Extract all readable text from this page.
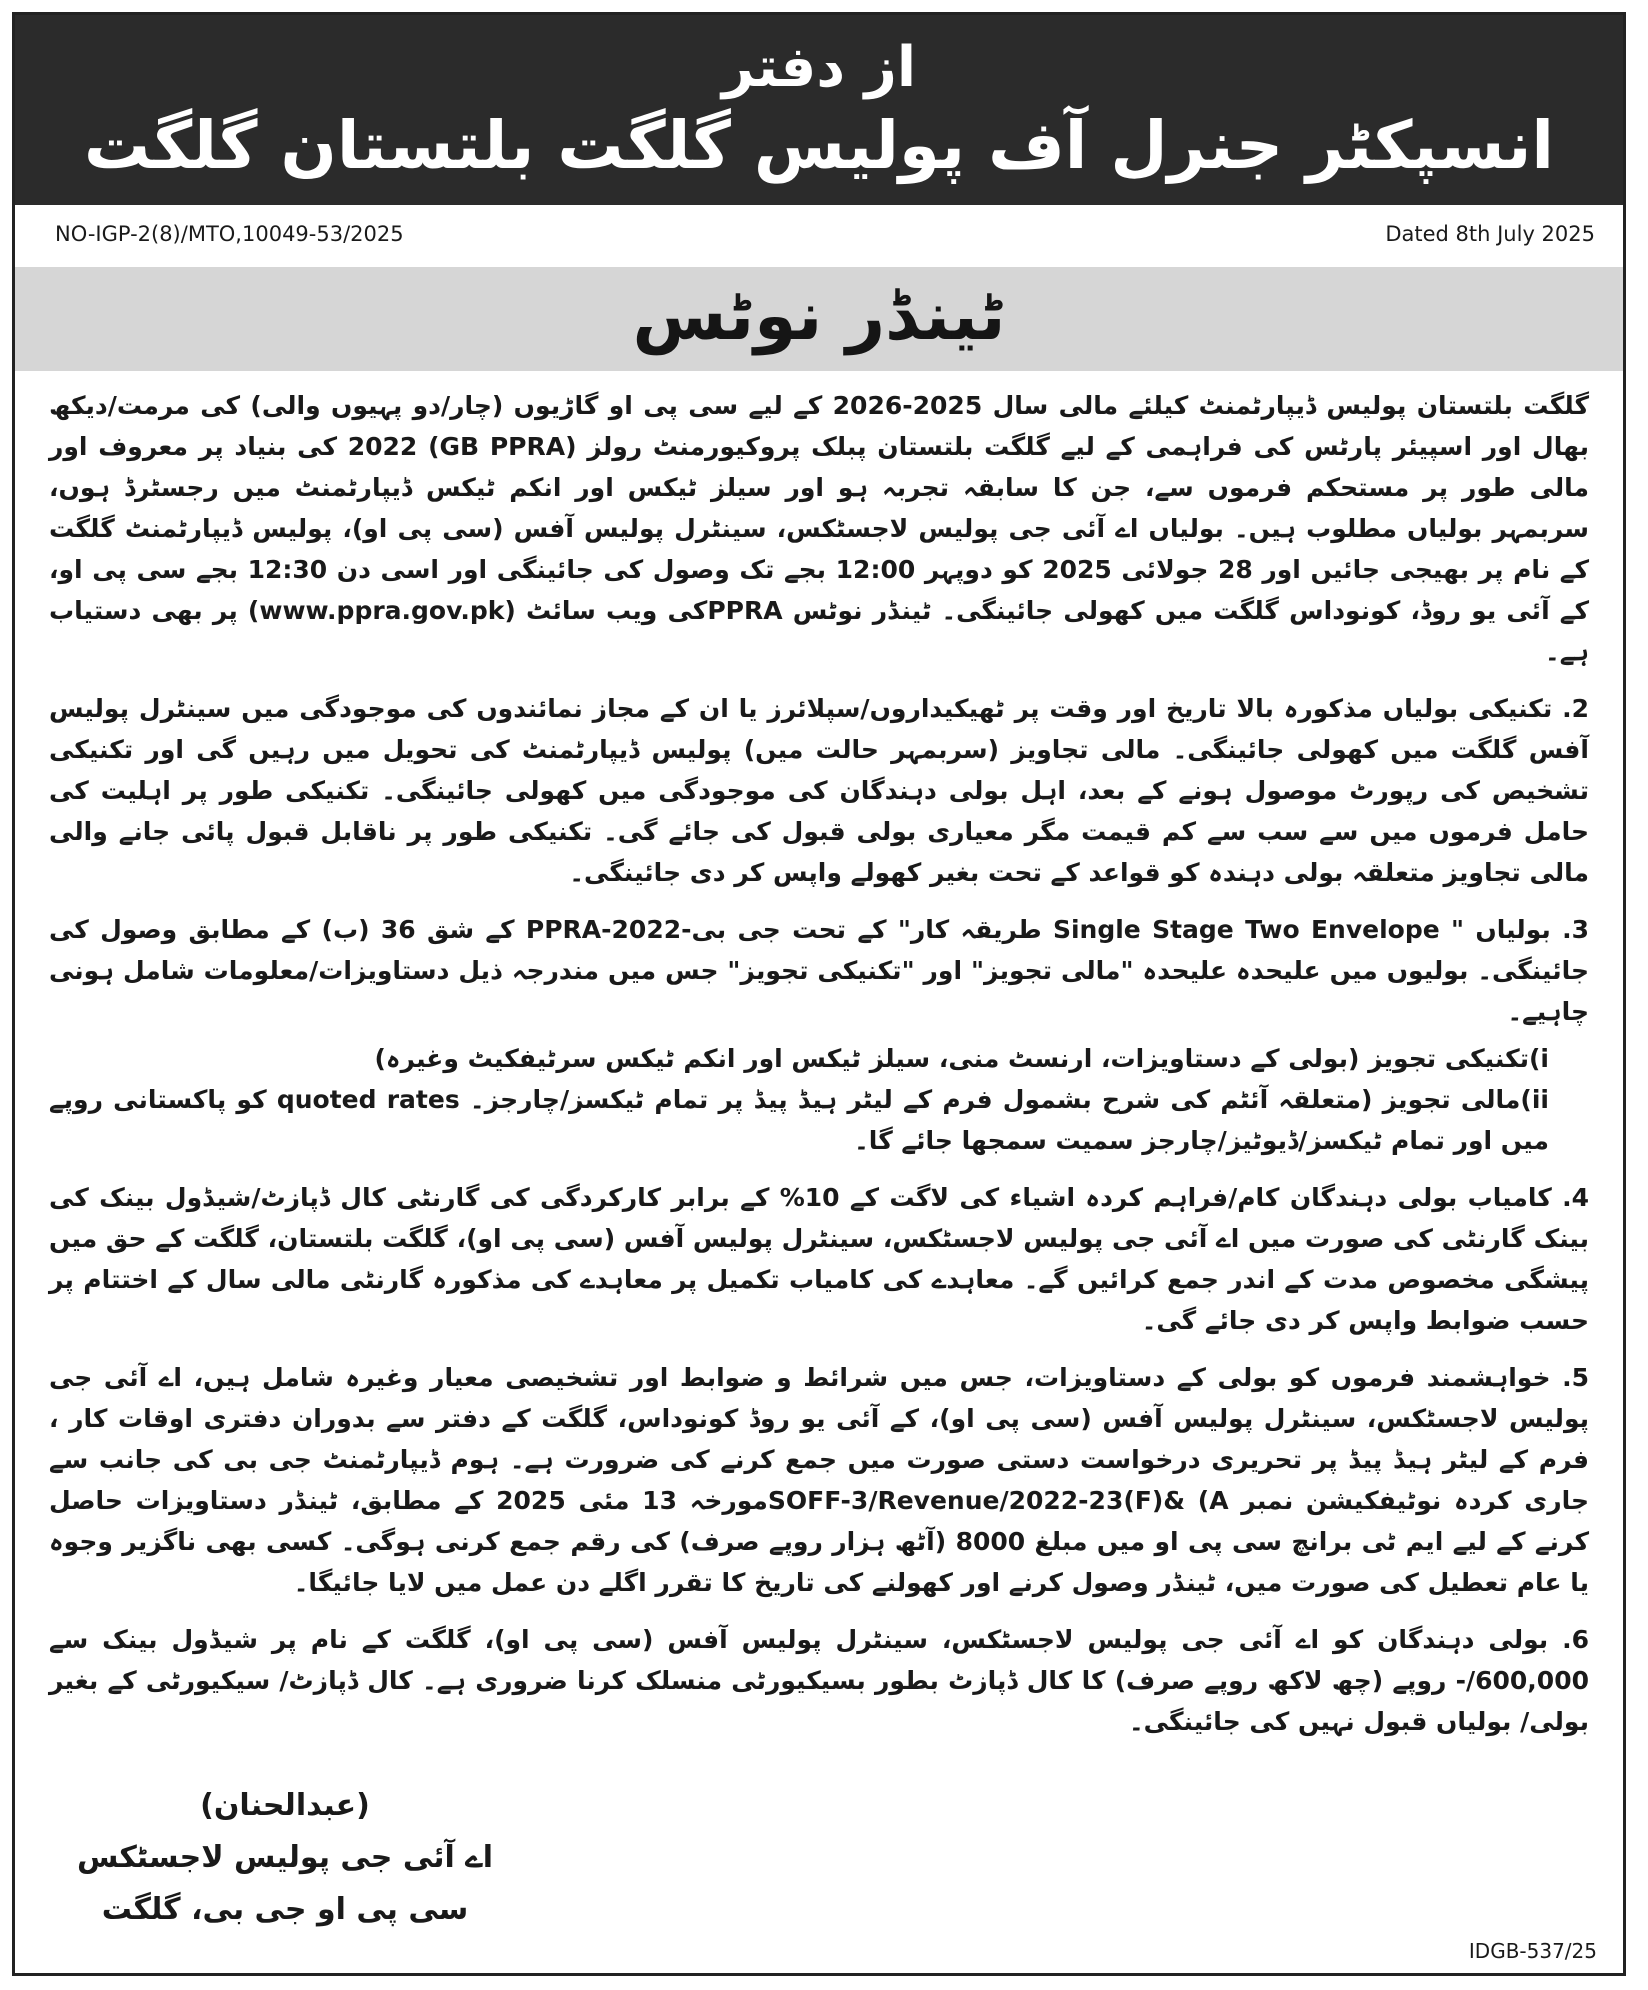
از دفتر
انسپکٹر جنرل آف پولیس گلگت بلتستان گلگت
NO-IGP-2(8)/MTO,10049-53/2025	Dated 8th July 2025
ٹینڈر نوٹس

گلگت بلتستان پولیس ڈیپارٹمنٹ کیلئے مالی سال 2025-2026 کے لیے سی پی او گاڑیوں (چار/دو پہیوں والی) کی مرمت/دیکھ بھال اور اسپیئر پارٹس کی فراہمی کے لیے گلگت بلتستان پبلک پروکیورمنٹ رولز (GB PPRA) 2022 کی بنیاد پر معروف اور مالی طور پر مستحکم فرموں سے، جن کا سابقہ تجربہ ہو اور سیلز ٹیکس اور انکم ٹیکس ڈیپارٹمنٹ میں رجسٹرڈ ہوں، سربمہر بولیاں مطلوب ہیں۔ بولیاں اے آئی جی پولیس لاجسٹکس، سینٹرل پولیس آفس (سی پی او)، پولیس ڈیپارٹمنٹ گلگت کے نام پر بھیجی جائیں اور 28 جولائی 2025 کو دوپہر 12:00 بجے تک وصول کی جائینگی اور اسی دن 12:30 بجے سی پی او، کے آئی یو روڈ، کونوداس گلگت میں کھولی جائینگی۔ ٹینڈر نوٹس PPRAکی ویب سائٹ (www.ppra.gov.pk) پر بھی دستیاب ہے۔

2. تکنیکی بولیاں مذکورہ بالا تاریخ اور وقت پر ٹھیکیداروں/سپلائرز یا ان کے مجاز نمائندوں کی موجودگی میں سینٹرل پولیس آفس گلگت میں کھولی جائینگی۔ مالی تجاویز (سربمہر حالت میں) پولیس ڈیپارٹمنٹ کی تحویل میں رہیں گی اور تکنیکی تشخیص کی رپورٹ موصول ہونے کے بعد، اہل بولی دہندگان کی موجودگی میں کھولی جائینگی۔ تکنیکی طور پر اہلیت کی حامل فرموں میں سے سب سے کم قیمت مگر معیاری بولی قبول کی جائے گی۔ تکنیکی طور پر ناقابل قبول پائی جانے والی مالی تجاویز متعلقہ بولی دہندہ کو قواعد کے تحت بغیر کھولے واپس کر دی جائینگی۔

3. بولیاں " Single Stage Two Envelope طریقہ کار" کے تحت جی بی-PPRA-2022 کے شق 36 (ب) کے مطابق وصول کی جائینگی۔ بولیوں میں علیحدہ علیحدہ "مالی تجویز" اور "تکنیکی تجویز" جس میں مندرجہ ذیل دستاویزات/معلومات شامل ہونی چاہیے۔

i)تکنیکی تجویز (بولی کے دستاویزات، ارنسٹ منی، سیلز ٹیکس اور انکم ٹیکس سرٹیفکیٹ وغیرہ)

ii)مالی تجویز (متعلقہ آئٹم کی شرح بشمول فرم کے لیٹر ہیڈ پیڈ پر تمام ٹیکسز/چارجز۔ quoted rates کو پاکستانی روپے میں اور تمام ٹیکسز/ڈیوٹیز/چارجز سمیت سمجھا جائے گا۔

4. کامیاب بولی دہندگان کام/فراہم کردہ اشیاء کی لاگت کے 10% کے برابر کارکردگی کی گارنٹی کال ڈپازٹ/شیڈول بینک کی بینک گارنٹی کی صورت میں اے آئی جی پولیس لاجسٹکس، سینٹرل پولیس آفس (سی پی او)، گلگت بلتستان، گلگت کے حق میں پیشگی مخصوص مدت کے اندر جمع کرائیں گے۔ معاہدے کی کامیاب تکمیل پر معاہدے کی مذکورہ گارنٹی مالی سال کے اختتام پر حسب ضوابط واپس کر دی جائے گی۔

5. خواہشمند فرموں کو بولی کے دستاویزات، جس میں شرائط و ضوابط اور تشخیصی معیار وغیرہ شامل ہیں، اے آئی جی پولیس لاجسٹکس، سینٹرل پولیس آفس (سی پی او)، کے آئی یو روڈ کونوداس، گلگت کے دفتر سے بدوران دفتری اوقات کار ، فرم کے لیٹر ہیڈ پیڈ پر تحریری درخواست دستی صورت میں جمع کرنے کی ضرورت ہے۔ ہوم ڈیپارٹمنٹ جی بی کی جانب سے جاری کردہ نوٹیفکیشن نمبر SOFF-3/Revenue/2022-23(F)& (Aمورخہ 13 مئی 2025 کے مطابق، ٹینڈر دستاویزات حاصل کرنے کے لیے ایم ٹی برانچ سی پی او میں مبلغ 8000 (آٹھ ہزار روپے صرف) کی رقم جمع کرنی ہوگی۔ کسی بھی ناگزیر وجوہ یا عام تعطیل کی صورت میں، ٹینڈر وصول کرنے اور کھولنے کی تاریخ کا تقرر اگلے دن عمل میں لایا جائیگا۔

6. بولی دہندگان کو اے آئی جی پولیس لاجسٹکس، سینٹرل پولیس آفس (سی پی او)، گلگت کے نام پر شیڈول بینک سے 600,000/- روپے (چھ لاکھ روپے صرف) کا کال ڈپازٹ بطور بسیکیورٹی منسلک کرنا ضروری ہے۔ کال ڈپازٹ/ سیکیورٹی کے بغیر بولی/ بولیاں قبول نہیں کی جائینگی۔

(عبدالحنان)
اے آئی جی پولیس لاجسٹکس
سی پی او جی بی، گلگت
IDGB-537/25
